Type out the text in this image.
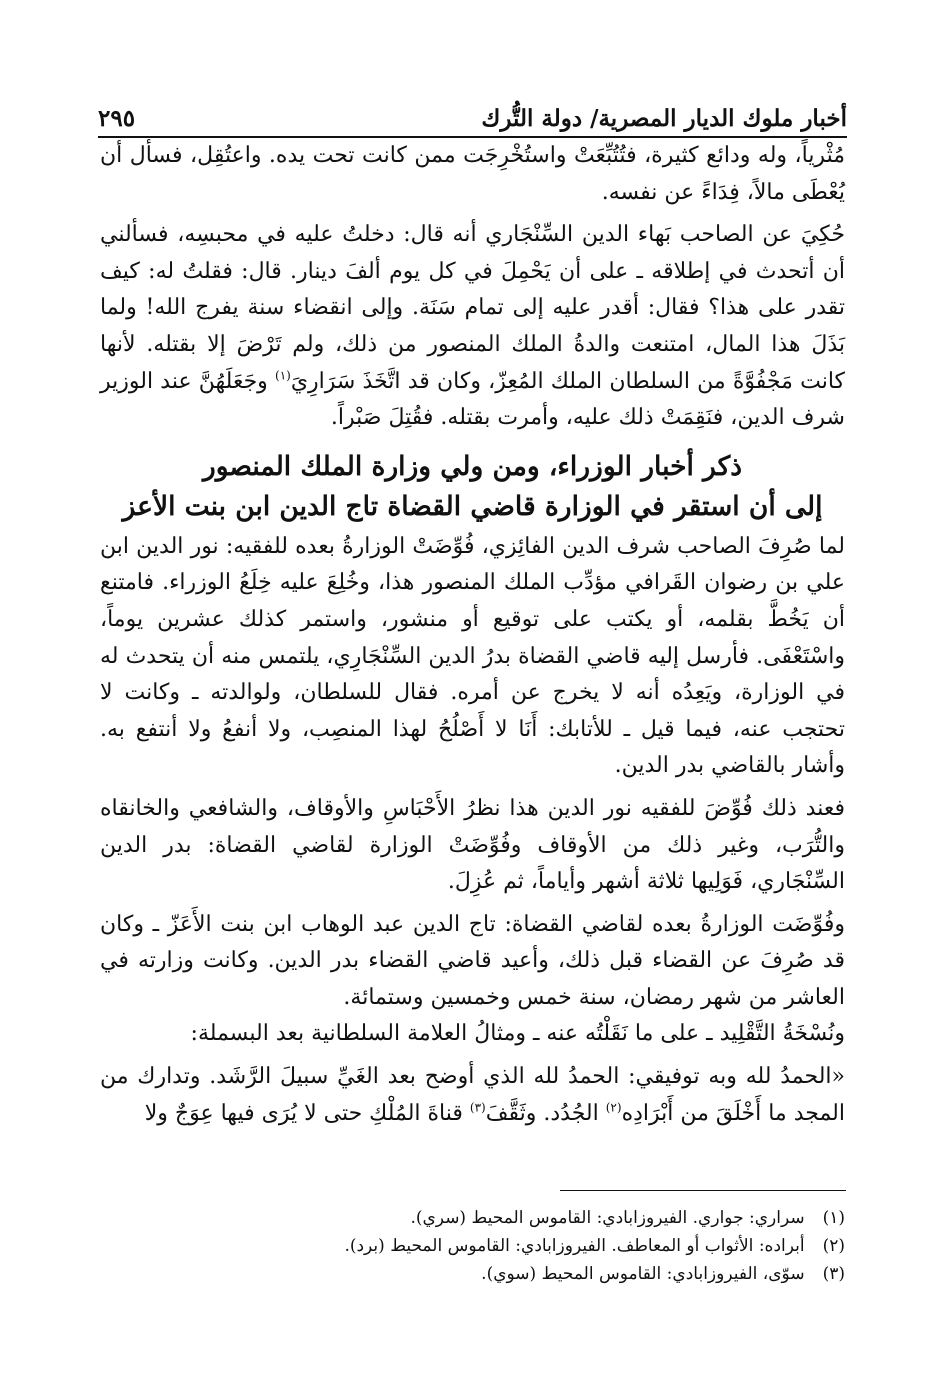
أخبار ملوك الديار المصرية/ دولة التُّرك
٢٩٥

مُثْرياً، وله ودائع كثيرة، فتُتُبِّعَتْ واستُخْرِجَت ممن كانت تحت يده. واعتُقِل، فسأل أن يُعْطَى مالاً، فِدَاءً عن نفسه.

حُكِيَ عن الصاحب بَهاء الدين السِّنْجَاري أنه قال: دخلتُ عليه في محبسِه، فسألني أن أتحدث في إطلاقه ـ على أن يَحْمِلَ في كل يوم ألفَ دينار. قال: فقلتُ له: كيف تقدر على هذا؟ فقال: أقدر عليه إلى تمام سَنَة. وإلى انقضاء سنة يفرج الله! ولما بَذَلَ هذا المال، امتنعت والدةُ الملك المنصور من ذلك، ولم تَرْضَ إلا بقتله. لأنها كانت مَجْفُوَّةً من السلطان الملك المُعِزّ، وكان قد اتَّخَذَ سَرَارِيَ$^{(١)}$ وجَعَلَهُنَّ عند الوزير شرف الدين، فنَقِمَتْ ذلك عليه، وأمرت بقتله. فقُتِلَ صَبْراً.

ذكر أخبار الوزراء، ومن ولي وزارة الملك المنصور
إلى أن استقر في الوزارة قاضي القضاة تاج الدين ابن بنت الأعز

لما صُرِفَ الصاحب شرف الدين الفائِزي، فُوِّضَتْ الوزارةُ بعده للفقيه: نور الدين ابن علي بن رضوان القَرافي مؤدِّب الملك المنصور هذا، وخُلِعَ عليه خِلَعُ الوزراء. فامتنع أن يَخُطَّ بقلمه، أو يكتب على توقيع أو منشور، واستمر كذلك عشرين يوماً، واسْتَعْفَى. فأرسل إليه قاضي القضاة بدرُ الدين السِّنْجَارِي، يلتمس منه أن يتحدث له في الوزارة، ويَعِدُه أنه لا يخرج عن أمره. فقال للسلطان، ولوالدته ـ وكانت لا تحتجب عنه، فيما قيل ـ للأتابك: أَنَا لا أَصْلُحُ لهذا المنصِب، ولا أنفعُ ولا أنتفع به. وأشار بالقاضي بدر الدين.

فعند ذلك فُوِّضَ للفقيه نور الدين هذا نظرُ الأَحْبَاسِ والأوقاف، والشافعي والخانقاه والتُّرَب، وغير ذلك من الأوقاف وفُوِّضَتْ الوزارة لقاضي القضاة: بدر الدين السِّنْجَاري، فَوَلِيها ثلاثة أشهر وأياماً، ثم عُزِلَ.

وفُوِّضَت الوزارةُ بعده لقاضي القضاة: تاج الدين عبد الوهاب ابن بنت الأَعَزّ ـ وكان قد صُرِفَ عن القضاء قبل ذلك، وأعيد قاضي القضاء بدر الدين. وكانت وزارته في العاشر من شهر رمضان، سنة خمس وخمسين وستمائة.

ونُسْخَةُ التَّقْلِيد ـ على ما نَقَلْتُه عنه ـ ومثالُ العلامة السلطانية بعد البسملة:

«الحمدُ لله وبه توفيقي: الحمدُ لله الذي أوضح بعد الغَيِّ سبيلَ الرَّشَد. وتدارك من المجد ما أَخْلَقَ من أَبْرَادِه$^{(٢)}$ الجُدُد. وثَقَّفَ$^{(٣)}$ قناةَ المُلْكِ حتى لا يُرَى فيها عِوَجٌ ولا

(١)
سراري: جواري. الفيروزابادي: القاموس المحيط (سري).
(٢)
أبراده: الأثواب أو المعاطف. الفيروزابادي: القاموس المحيط (برد).
(٣)
سوّى، الفيروزابادي: القاموس المحيط (سوي).
